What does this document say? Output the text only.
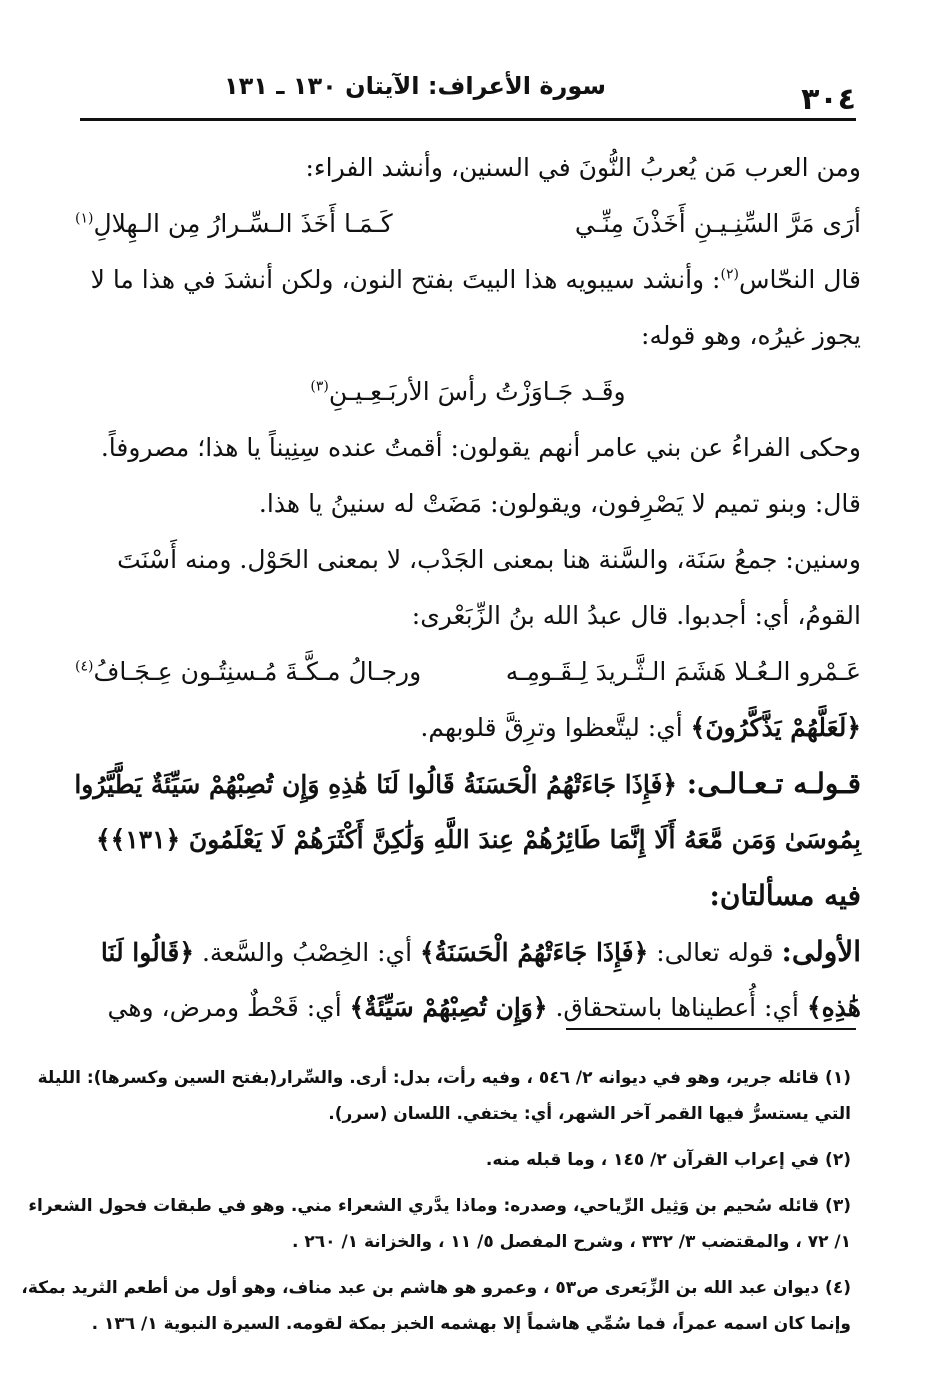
٣٠٤
سورة الأعراف: الآيتان ١٣٠ ـ ١٣١
ومن العرب مَن يُعربُ النُّونَ في السنين، وأنشد الفراء:
أرَى مَرَّ السِّنِـيـنِ أَخَذْنَ مِنِّـي
كَـمَـا أَخَذَ الـسِّـرارُ مِن الـهِلالِ$^{(١)}$
قال النحّاس$^{(٢)}$: وأنشد سيبويه هذا البيتَ بفتح النون، ولكن أنشدَ في هذا ما لا
يجوز غيرُه، وهو قوله:
وقَـد جَـاوَزْتُ رأسَ الأربَـعِـيـنِ$^{(٣)}$
وحكى الفراءُ عن بني عامر أنهم يقولون: أقمتُ عنده سِنِيناً يا هذا؛ مصروفاً.
قال: وبنو تميم لا يَصْرِفون، ويقولون: مَضَتْ له سنينُ يا هذا.
وسنين: جمعُ سَنَة، والسَّنة هنا بمعنى الجَدْب، لا بمعنى الحَوْل. ومنه أَسْنَتَ
القومُ، أي: أجدبوا. قال عبدُ الله بنُ الزِّبَعْرى:
عَـمْرو الـعُـلا هَشَمَ الـثَّـريدَ لِـقَـومِـه
ورجـالُ مـكَّـةَ مُـسنِتُـون عِـجَـافُ$^{(٤)}$
﴿لَعَلَّهُمْ يَذَّكَّرُونَ﴾ أي: ليتَّعظوا وترِقَّ قلوبهم.
قـولـه تـعـالـى: ﴿فَإِذَا جَاءَتْهُمُ الْحَسَنَةُ قَالُوا لَنَا هَٰذِهِ وَإِن تُصِبْهُمْ سَيِّئَةٌ يَطَّيَّرُوا
بِمُوسَىٰ وَمَن مَّعَهُ أَلَا إِنَّمَا طَائِرُهُمْ عِندَ اللَّهِ وَلَٰكِنَّ أَكْثَرَهُمْ لَا يَعْلَمُونَ ﴿١٣١﴾﴾
فيه مسألتان:
الأولى: قوله تعالى: ﴿فَإِذَا جَاءَتْهُمُ الْحَسَنَةُ﴾ أي: الخِصْبُ والسَّعة. ﴿قَالُوا لَنَا
هَٰذِهِ﴾ أي: أُعطيناها باستحقاق. ﴿وَإِن تُصِبْهُمْ سَيِّئَةٌ﴾ أي: قَحْطٌ ومرض، وهي
(١) قائله جرير، وهو في ديوانه ٢/ ٥٤٦ ، وفيه رأت، بدل: أرى. والسِّرار(بفتح السين وكسرها): الليلة
التي يستسرُّ فيها القمر آخر الشهر، أي: يختفي. اللسان (سرر).
(٢) في إعراب القرآن ٢/ ١٤٥ ، وما قبله منه.
(٣) قائله سُحيم بن وَثِيل الرِّياحي، وصدره: وماذا يدَّري الشعراء مني. وهو في طبقات فحول الشعراء
١/ ٧٢ ، والمقتضب ٣/ ٣٣٢ ، وشرح المفصل ٥/ ١١ ، والخزانة ١/ ٢٦٠ .
(٤) ديوان عبد الله بن الزِّبَعرى ص٥٣ ، وعمرو هو هاشم بن عبد مناف، وهو أول من أطعم الثريد بمكة،
وإنما كان اسمه عمراً، فما سُمِّي هاشماً إلا بهشمه الخبز بمكة لقومه. السيرة النبوية ١/ ١٣٦ .
